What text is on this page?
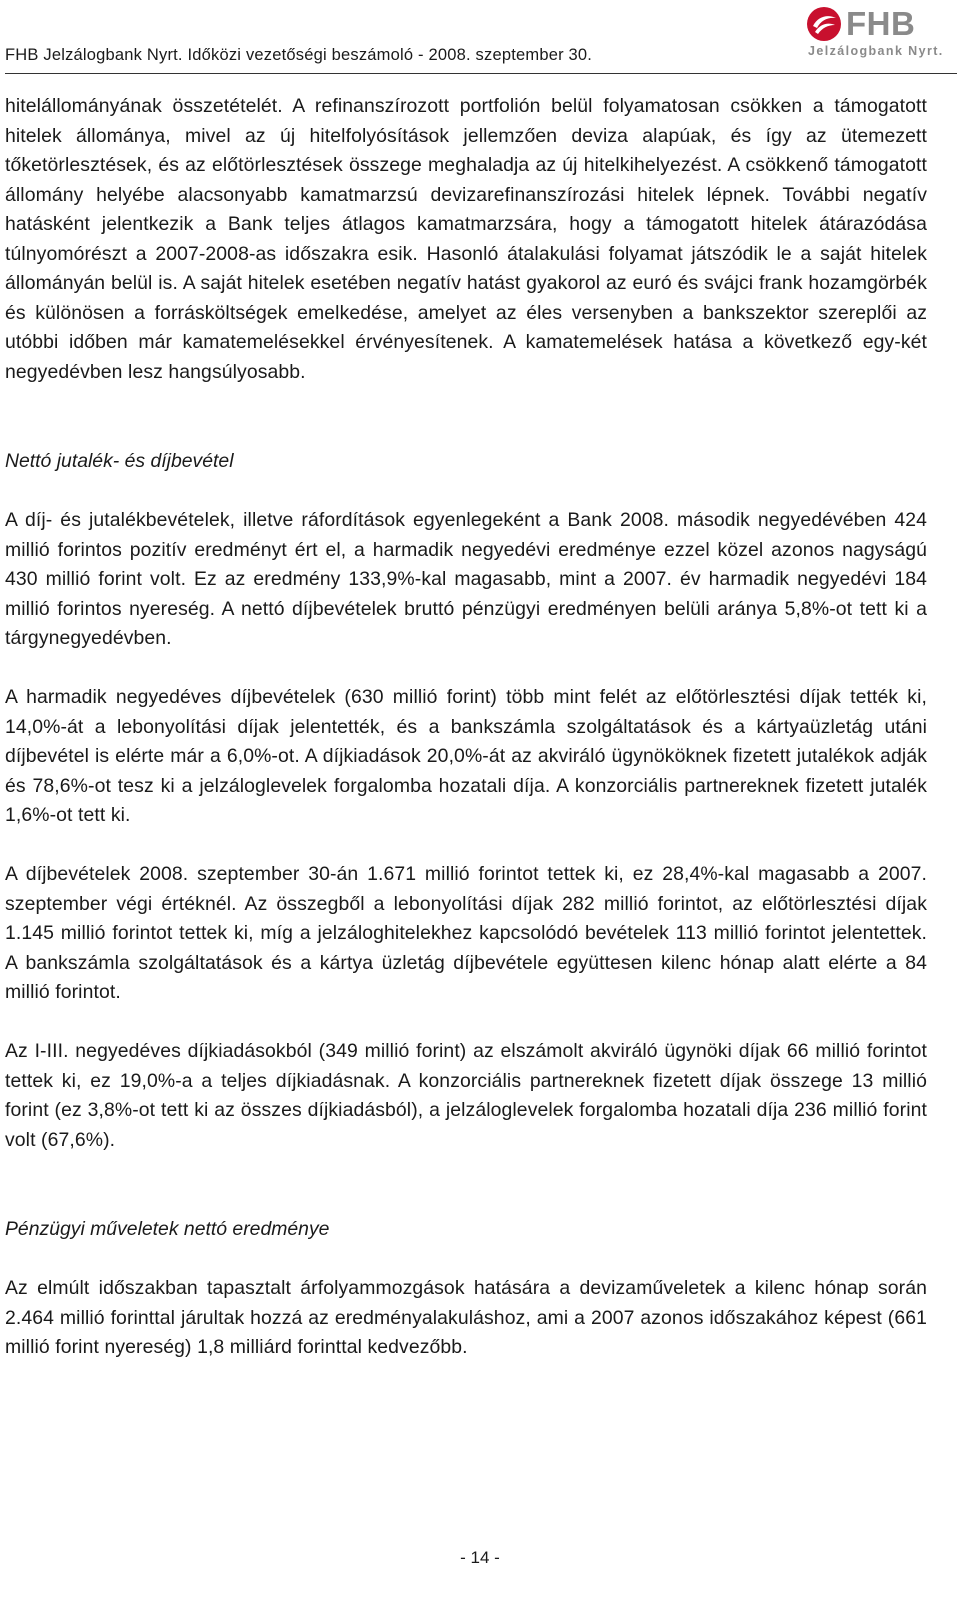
FHB Jelzálogbank Nyrt. Időközi vezetőségi beszámoló - 2008. szeptember 30.
FHB
Jelzálogbank Nyrt.

hitelállományának összetételét. A refinanszírozott portfolión belül folyamatosan csökken a támogatott hitelek állománya, mivel az új hitelfolyósítások jellemzően deviza alapúak, és így az ütemezett tőketörlesztések, és az előtörlesztések összege meghaladja az új hitelkihelyezést. A csökkenő támogatott állomány helyébe alacsonyabb kamatmarzsú devizarefinanszírozási hitelek lépnek. További negatív hatásként jelentkezik a Bank teljes átlagos kamatmarzsára, hogy a támogatott hitelek átárazódása túlnyomórészt a 2007-2008-as időszakra esik. Hasonló átalakulási folyamat játszódik le a saját hitelek állományán belül is. A saját hitelek esetében negatív hatást gyakorol az euró és svájci frank hozamgörbék és különösen a forrásköltségek emelkedése, amelyet az éles versenyben a bankszektor szereplői az utóbbi időben már kamatemelésekkel érvényesítenek. A kamatemelések hatása a következő egy-két negyedévben lesz hangsúlyosabb.

Nettó jutalék- és díjbevétel

A díj- és jutalékbevételek, illetve ráfordítások egyenlegeként a Bank 2008. második negyedévében 424 millió forintos pozitív eredményt ért el, a harmadik negyedévi eredménye ezzel közel azonos nagyságú 430 millió forint volt. Ez az eredmény 133,9%-kal magasabb, mint a 2007. év harmadik negyedévi 184 millió forintos nyereség. A nettó díjbevételek bruttó pénzügyi eredményen belüli aránya 5,8%-ot tett ki a tárgynegyedévben.

A harmadik negyedéves díjbevételek (630 millió forint) több mint felét az előtörlesztési díjak tették ki, 14,0%-át a lebonyolítási díjak jelentették, és a bankszámla szolgáltatások és a kártyaüzletág utáni díjbevétel is elérte már a 6,0%-ot. A díjkiadások 20,0%-át az akviráló ügynököknek fizetett jutalékok adják és 78,6%-ot tesz ki a jelzáloglevelek forgalomba hozatali díja. A konzorciális partnereknek fizetett jutalék 1,6%-ot tett ki.

A díjbevételek 2008. szeptember 30-án 1.671 millió forintot tettek ki, ez 28,4%-kal magasabb a 2007. szeptember végi értéknél. Az összegből a lebonyolítási díjak 282 millió forintot, az előtörlesztési díjak 1.145 millió forintot tettek ki, míg a jelzáloghitelekhez kapcsolódó bevételek 113 millió forintot jelentettek. A bankszámla szolgáltatások és a kártya üzletág díjbevétele együttesen kilenc hónap alatt elérte a 84 millió forintot.

Az I-III. negyedéves díjkiadásokból (349 millió forint) az elszámolt akviráló ügynöki díjak 66 millió forintot tettek ki, ez 19,0%-a a teljes díjkiadásnak. A konzorciális partnereknek fizetett díjak összege 13 millió forint (ez 3,8%-ot tett ki az összes díjkiadásból), a jelzáloglevelek forgalomba hozatali díja 236 millió forint volt (67,6%).

Pénzügyi műveletek nettó eredménye

Az elmúlt időszakban tapasztalt árfolyammozgások hatására a devizaműveletek a kilenc hónap során 2.464 millió forinttal járultak hozzá az eredményalakuláshoz, ami a 2007 azonos időszakához képest (661 millió forint nyereség) 1,8 milliárd forinttal kedvezőbb.

- 14 -
